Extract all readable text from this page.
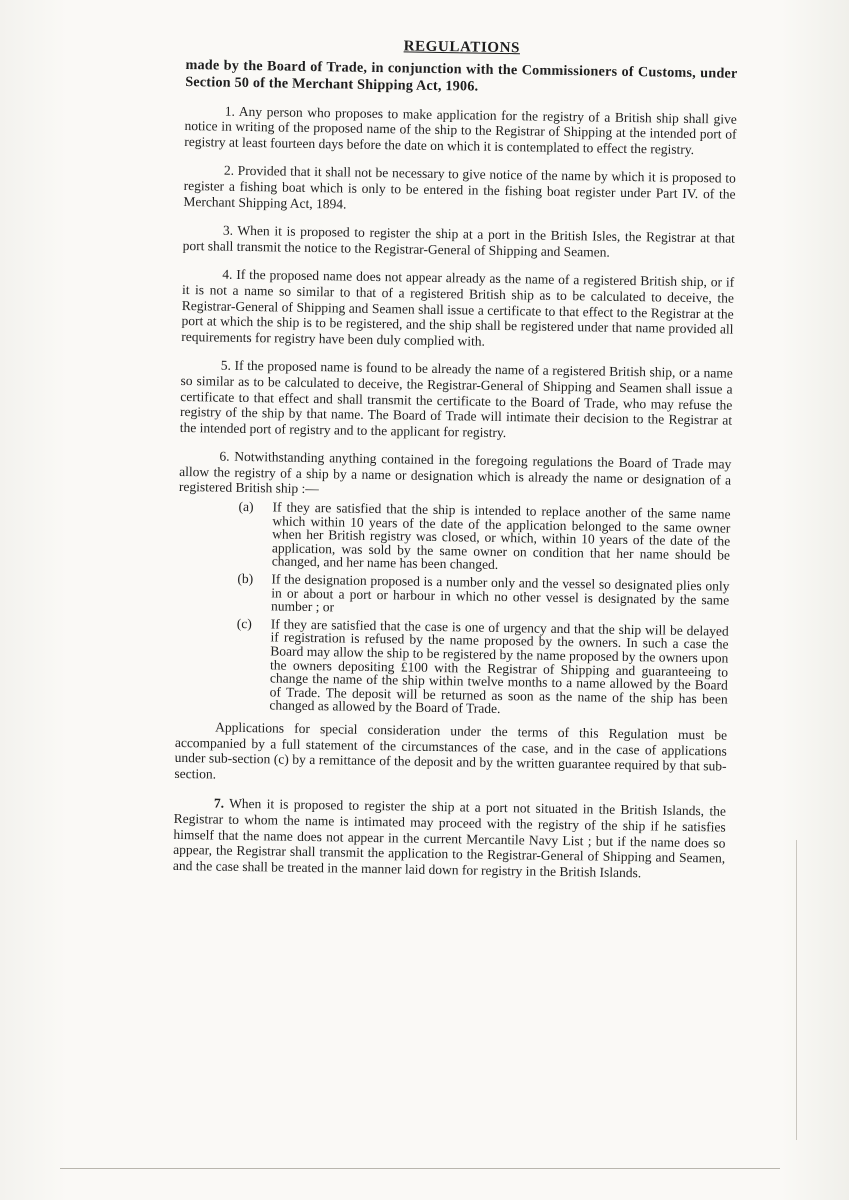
REGULATIONS
made by the Board of Trade, in conjunction with the Commissioners of Customs, under Section 50 of the Merchant Shipping Act, 1906.

1. Any person who proposes to make application for the registry of a British ship shall give notice in writing of the proposed name of the ship to the Registrar of Shipping at the intended port of registry at least fourteen days before the date on which it is contemplated to effect the registry.

2. Provided that it shall not be necessary to give notice of the name by which it is proposed to register a fishing boat which is only to be entered in the fishing boat register under Part IV. of the Merchant Shipping Act, 1894.

3. When it is proposed to register the ship at a port in the British Isles, the Registrar at that port shall transmit the notice to the Registrar-General of Shipping and Seamen.

4. If the proposed name does not appear already as the name of a registered British ship, or if it is not a name so similar to that of a registered British ship as to be calculated to deceive, the Registrar-General of Shipping and Seamen shall issue a certificate to that effect to the Registrar at the port at which the ship is to be registered, and the ship shall be registered under that name provided all requirements for registry have been duly complied with.

5. If the proposed name is found to be already the name of a registered British ship, or a name so similar as to be calculated to deceive, the Registrar-General of Shipping and Seamen shall issue a certificate to that effect and shall transmit the certificate to the Board of Trade, who may refuse the registry of the ship by that name. The Board of Trade will intimate their decision to the Registrar at the intended port of registry and to the applicant for registry.

6. Notwithstanding anything contained in the foregoing regulations the Board of Trade may allow the registry of a ship by a name or designation which is already the name or designation of a registered British ship :—

(a)	If they are satisfied that the ship is intended to replace another of the same name which within 10 years of the date of the application belonged to the same owner when her British registry was closed, or which, within 10 years of the date of the application, was sold by the same owner on condition that her name should be changed, and her name has been changed.
(b)	If the designation proposed is a number only and the vessel so designated plies only in or about a port or harbour in which no other vessel is designated by the same number ; or
(c)	If they are satisfied that the case is one of urgency and that the ship will be delayed if registration is refused by the name proposed by the owners. In such a case the Board may allow the ship to be registered by the name proposed by the owners upon the owners depositing £100 with the Registrar of Shipping and guaranteeing to change the name of the ship within twelve months to a name allowed by the Board of Trade. The deposit will be returned as soon as the name of the ship has been changed as allowed by the Board of Trade.

Applications for special consideration under the terms of this Regulation must be accompanied by a full statement of the circumstances of the case, and in the case of applications under sub-section (c) by a remittance of the deposit and by the written guarantee required by that sub-section.

7. When it is proposed to register the ship at a port not situated in the British Islands, the Registrar to whom the name is intimated may proceed with the registry of the ship if he satisfies himself that the name does not appear in the current Mercantile Navy List ; but if the name does so appear, the Registrar shall transmit the application to the Registrar-General of Shipping and Seamen, and the case shall be treated in the manner laid down for registry in the British Islands.
